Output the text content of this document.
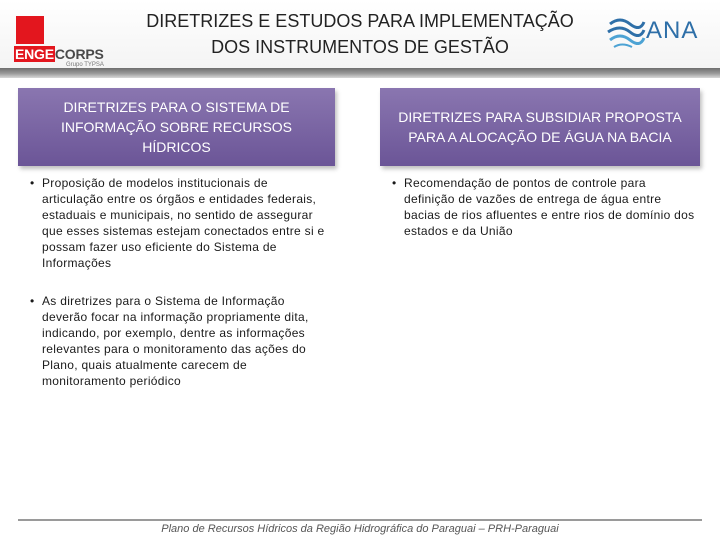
ENGECORPS
Grupo TYPSA
DIRETRIZES E ESTUDOS PARA IMPLEMENTAÇÃO
DOS INSTRUMENTOS DE GESTÃO
ANA
DIRETRIZES PARA O SISTEMA DE INFORMAÇÃO SOBRE RECURSOS HÍDRICOS
DIRETRIZES PARA SUBSIDIAR PROPOSTA PARA A ALOCAÇÃO DE ÁGUA NA BACIA
• Proposição de modelos institucionais de articulação entre os órgãos e entidades federais, estaduais e municipais, no sentido de assegurar que esses sistemas estejam conectados entre si e possam fazer uso eficiente do Sistema de Informações
• As diretrizes para o Sistema de Informação deverão focar na informação propriamente dita, indicando, por exemplo, dentre as informações relevantes para o monitoramento das ações do Plano, quais atualmente carecem de monitoramento periódico
• Recomendação de pontos de controle para definição de vazões de entrega de água entre bacias de rios afluentes e entre rios de domínio dos estados e da União
Plano de Recursos Hídricos da Região Hidrográfica do Paraguai – PRH-Paraguai
